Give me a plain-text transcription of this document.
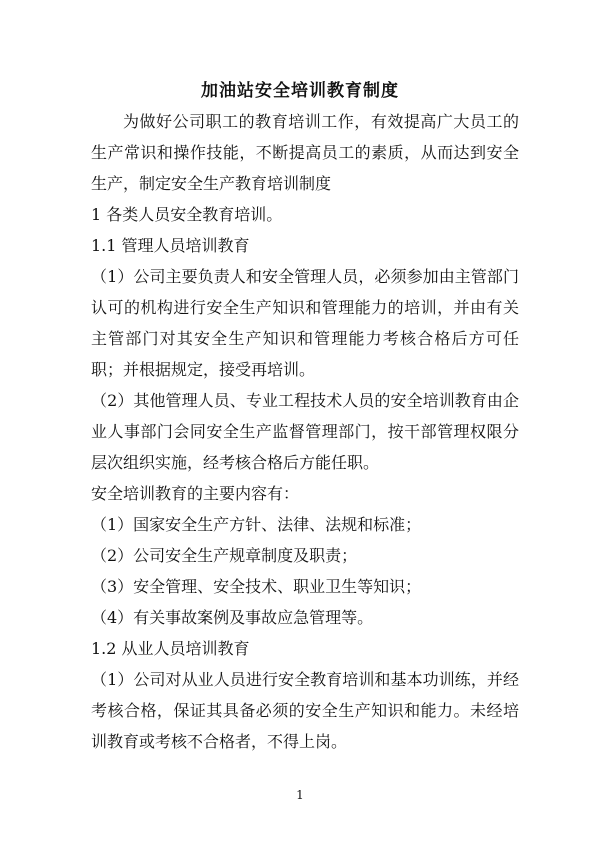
加油站安全培训教育制度

为做好公司职工的教育培训工作，有效提高广大员工的生产常识和操作技能，不断提高员工的素质，从而达到安全生产，制定安全生产教育培训制度

1 各类人员安全教育培训。

1.1 管理人员培训教育

（1）公司主要负责人和安全管理人员，必须参加由主管部门认可的机构进行安全生产知识和管理能力的培训，并由有关主管部门对其安全生产知识和管理能力考核合格后方可任职；并根据规定，接受再培训。

（2）其他管理人员、专业工程技术人员的安全培训教育由企业人事部门会同安全生产监督管理部门，按干部管理权限分层次组织实施，经考核合格后方能任职。

安全培训教育的主要内容有：

（1）国家安全生产方针、法律、法规和标准；

（2）公司安全生产规章制度及职责；

（3）安全管理、安全技术、职业卫生等知识；

（4）有关事故案例及事故应急管理等。

1.2 从业人员培训教育

（1）公司对从业人员进行安全教育培训和基本功训练，并经考核合格，保证其具备必须的安全生产知识和能力。未经培训教育或考核不合格者，不得上岗。

1
